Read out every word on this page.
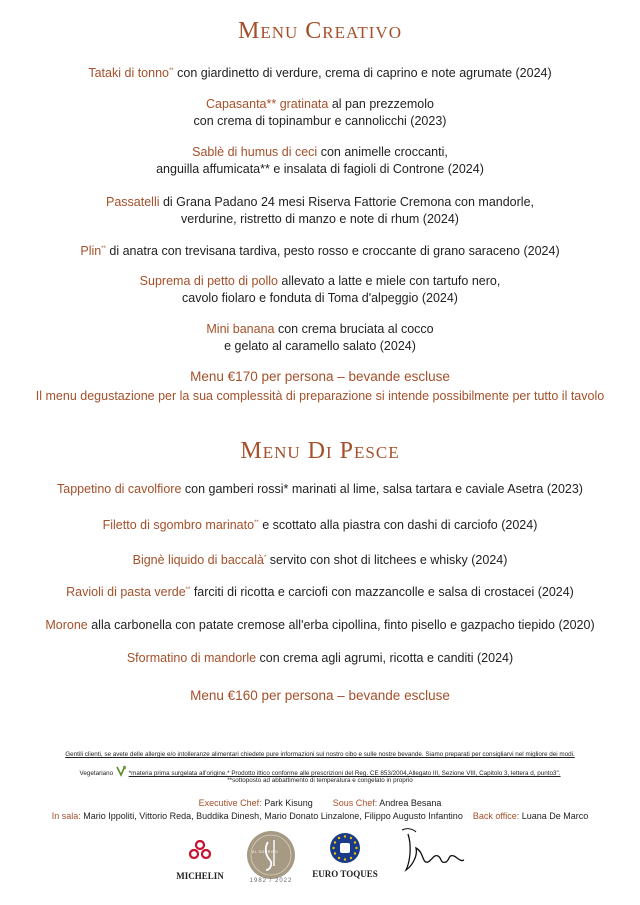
Menu Creativo
Tataki di tonno** con giardinetto di verdure, crema di caprino e note agrumate (2024)
Capasanta** gratinata al pan prezzemolo
con crema di topinambur e cannolicchi (2023)
Sablè di humus di ceci con animelle croccanti,
anguilla affumicata** e insalata di fagioli di Controne (2024)
Passatelli di Grana Padano 24 mesi Riserva Fattorie Cremona con mandorle,
verdurine, ristretto di manzo e note di rhum (2024)
Plin** di anatra con trevisana tardiva, pesto rosso e croccante di grano saraceno (2024)
Suprema di petto di pollo allevato a latte e miele con tartufo nero,
cavolo fiolaro e fonduta di Toma d'alpeggio (2024)
Mini banana con crema bruciata al cocco
e gelato al caramello salato (2024)
Menu €170 per persona – bevande escluse
Il menu degustazione per la sua complessità di preparazione si intende possibilmente per tutto il tavolo
Menu Di Pesce
Tappetino di cavolfiore con gamberi rossi* marinati al lime, salsa tartara e caviale Asetra (2023)
Filetto di sgombro marinato** e scottato alla piastra con dashi di carciofo (2024)
Bignè liquido di baccalà* servito con shot di litchees e whisky (2024)
Ravioli di pasta verde** farciti di ricotta e carciofi con mazzancolle e salsa di crostacei (2024)
Morone alla carbonella con patate cremose all'erba cipollina, finto pisello e gazpacho tiepido (2020)
Sformatino di mandorle con crema agli agrumi, ricotta e canditi (2024)
Menu €160 per persona – bevande escluse
Gentili clienti, se avete delle allergie e/o intolleranze alimentari chiedete pure informazioni sul nostro cibo e sulle nostre bevande. Siamo preparati per consigliarvi nel migliore dei modi.
Vegetariano *materia prima surgelata all'origine.* Prodotto ittico conforme alle prescrizioni del Reg. CE 853/2004,Allegato III, Sezione VIII, Capitolo 3, lettera d, punto3".
**sottoposto ad abbattimento di temperatura e congelato in proprio
Executive Chef: Park Kisung Sous Chef: Andrea Besana
In sala: Mario Ippoliti, Vittorio Reda, Buddika Dinesh, Mario Donato Linzalone, Filippo Augusto Infantino Back office: Luana De Marco
MICHELIN
AL SORRISO
1982 / 2022
EURO TOQUES
